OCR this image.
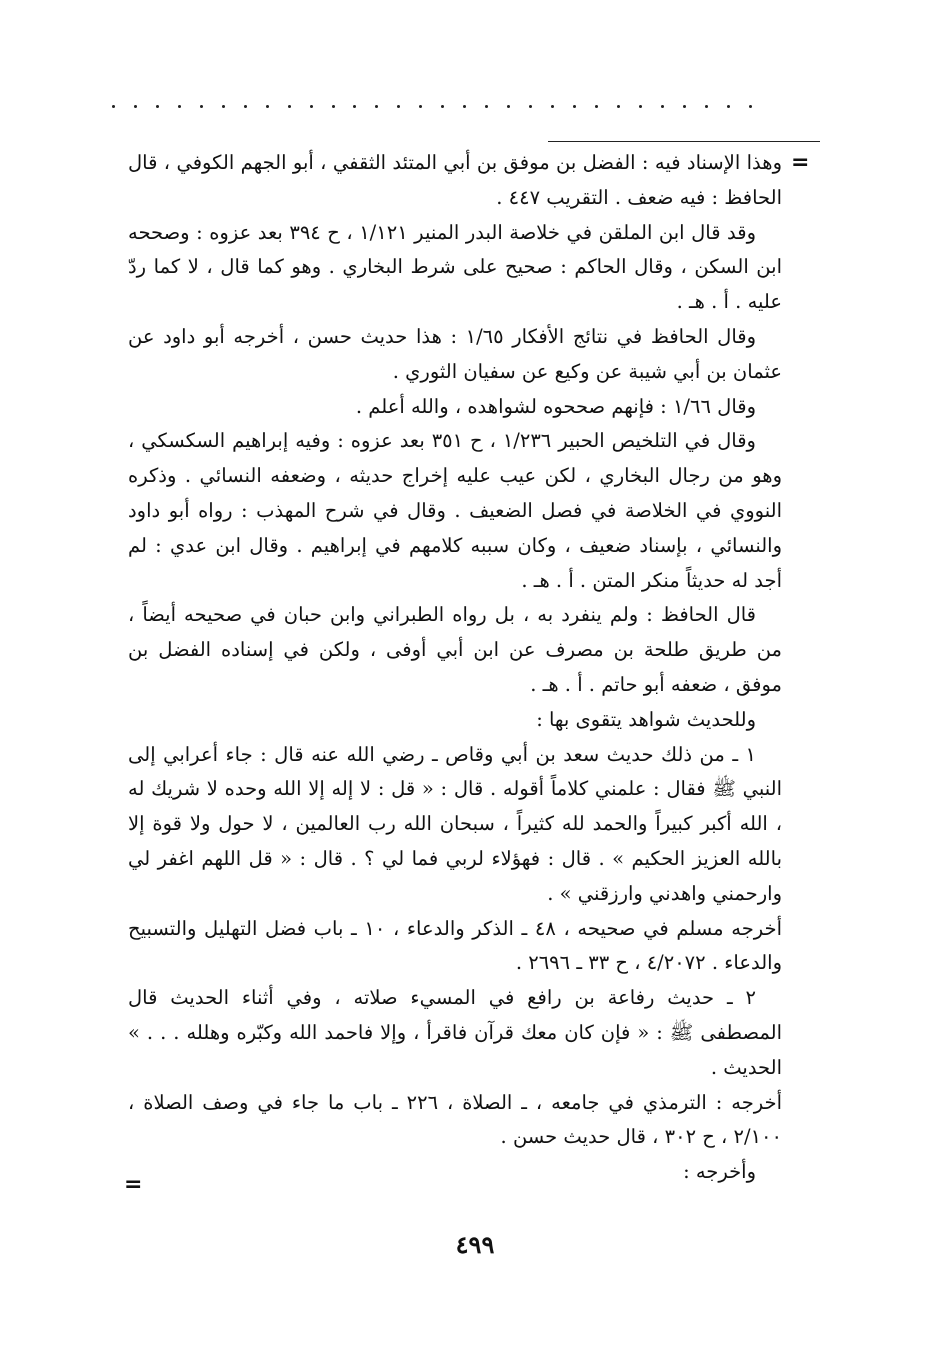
=

وهذا الإسناد فيه : الفضل بن موفق بن أبي المتئد الثقفي ، أبو الجهم الكوفي ، قال الحافظ : فيه ضعف . التقريب ٤٤٧ .

وقد قال ابن الملقن في خلاصة البدر المنير ١/١٢١ ، ح ٣٩٤ بعد عزوه : وصححه ابن السكن ، وقال الحاكم : صحيح على شرط البخاري . وهو كما قال ، لا كما ردّ عليه . أ . هـ .

وقال الحافظ في نتائج الأفكار ١/٦٥ : هذا حديث حسن ، أخرجه أبو داود عن عثمان بن أبي شيبة عن وكيع عن سفيان الثوري .

وقال ١/٦٦ : فإنهم صححوه لشواهده ، والله أعلم .

وقال في التلخيص الحبير ١/٢٣٦ ، ح ٣٥١ بعد عزوه : وفيه إبراهيم السكسكي ، وهو من رجال البخاري ، لكن عيب عليه إخراج حديثه ، وضعفه النسائي . وذكره النووي في الخلاصة في فصل الضعيف . وقال في شرح المهذب : رواه أبو داود والنسائي ، بإسناد ضعيف ، وكان سببه كلامهم في إبراهيم . وقال ابن عدي : لم أجد له حديثاً منكر المتن . أ . هـ .

قال الحافظ : ولم ينفرد به ، بل رواه الطبراني وابن حبان في صحيحه أيضاً ، من طريق طلحة بن مصرف عن ابن أبي أوفى ، ولكن في إسناده الفضل بن موفق ، ضعفه أبو حاتم . أ . هـ .

وللحديث شواهد يتقوى بها :

١ ـ من ذلك حديث سعد بن أبي وقاص ـ رضي الله عنه قال : جاء أعرابي إلى النبي ﷺ فقال : علمني كلاماً أقوله . قال : « قل : لا إله إلا الله وحده لا شريك له ، الله أكبر كبيراً والحمد لله كثيراً ، سبحان الله رب العالمين ، لا حول ولا قوة إلا بالله العزيز الحكيم » . قال : فهؤلاء لربي فما لي ؟ . قال : « قل اللهم اغفر لي وارحمني واهدني وارزقني » .

أخرجه مسلم في صحيحه ، ٤٨ ـ الذكر والدعاء ، ١٠ ـ باب فضل التهليل والتسبيح والدعاء . ٤/٢٠٧٢ ، ح ٣٣ ـ ٢٦٩٦ .

٢ ـ حديث رفاعة بن رافع في المسيء صلاته ، وفي أثناء الحديث قال المصطفى ﷺ : « فإن كان معك قرآن فاقرأ ، وإلا فاحمد الله وكبّره وهلله . . . » الحديث .

أخرجه : الترمذي في جامعه ، ـ الصلاة ، ٢٢٦ ـ باب ما جاء في وصف الصلاة ، ٢/١٠٠ ، ح ٣٠٢ ، قال حديث حسن .

وأخرجه :

=
٤٩٩
